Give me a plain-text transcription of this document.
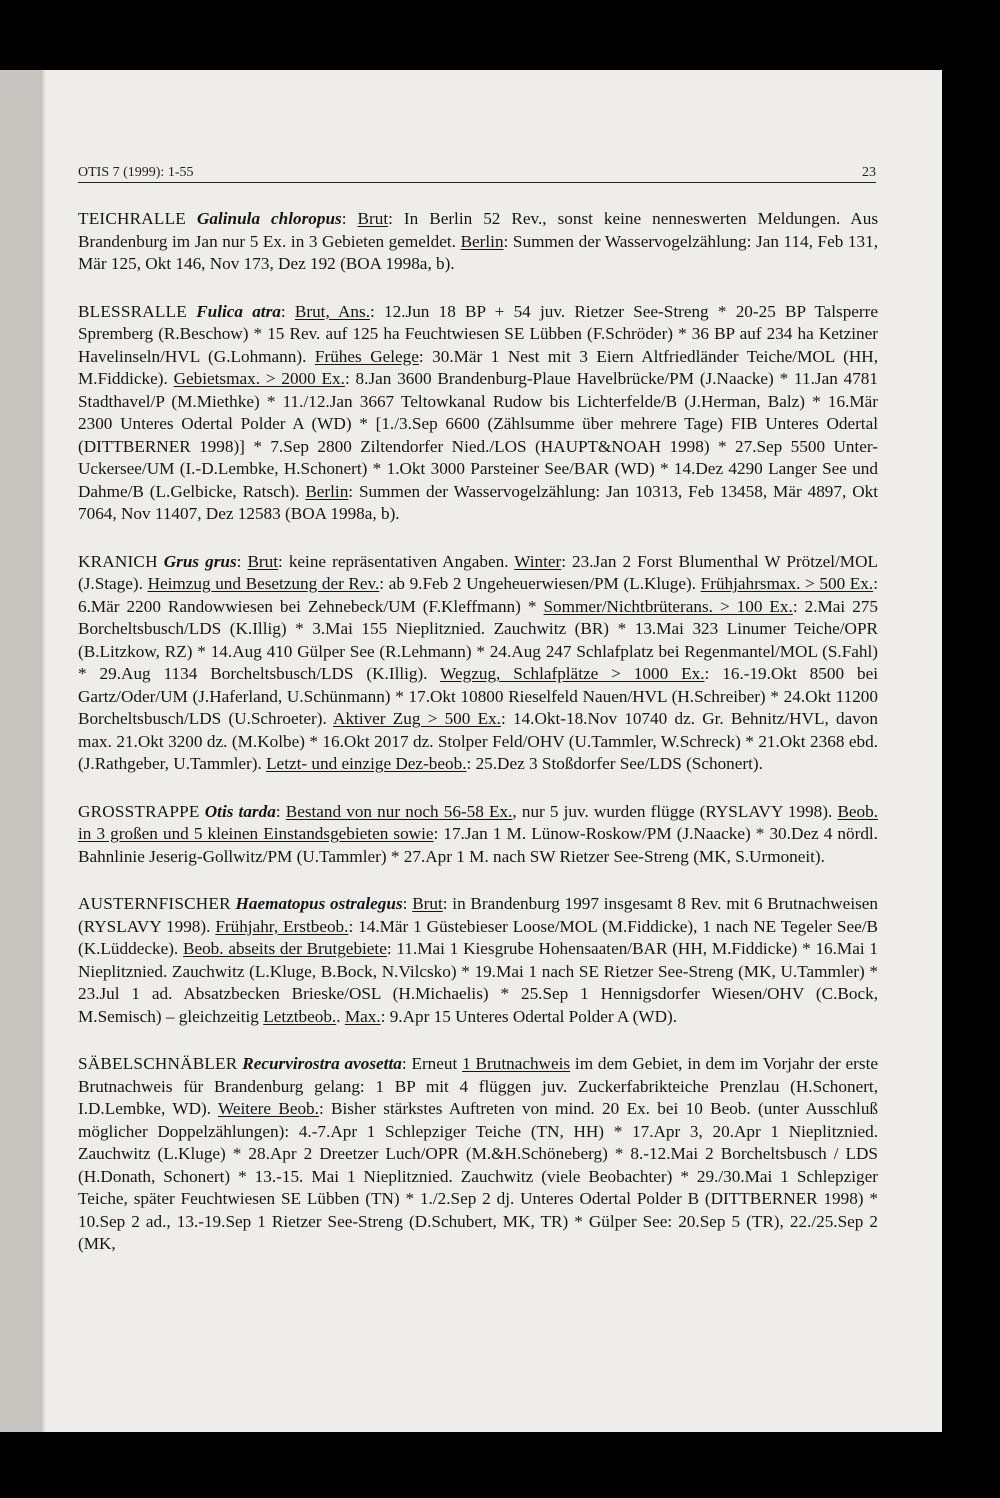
OTIS 7 (1999): 1-55	23

TEICHRALLE Galinula chloropus: Brut: In Berlin 52 Rev., sonst keine nenneswerten Meldungen. Aus Brandenburg im Jan nur 5 Ex. in 3 Gebieten gemeldet. Berlin: Summen der Wasservogelzählung: Jan 114, Feb 131, Mär 125, Okt 146, Nov 173, Dez 192 (BOA 1998a, b).

BLESSRALLE Fulica atra: Brut, Ans.: 12.Jun 18 BP + 54 juv. Rietzer See-Streng * 20-25 BP Talsperre Spremberg (R.Beschow) * 15 Rev. auf 125 ha Feuchtwiesen SE Lübben (F.Schröder) * 36 BP auf 234 ha Ketziner Havelinseln/HVL (G.Lohmann). Frühes Gelege: 30.Mär 1 Nest mit 3 Eiern Altfriedländer Teiche/MOL (HH, M.Fiddicke). Gebietsmax. > 2000 Ex.: 8.Jan 3600 Brandenburg-Plaue Havelbrücke/PM (J.Naacke) * 11.Jan 4781 Stadthavel/P (M.Miethke) * 11./12.Jan 3667 Teltowkanal Rudow bis Lichterfelde/B (J.Herman, Balz) * 16.Mär 2300 Unteres Odertal Polder A (WD) * [1./3.Sep 6600 (Zählsumme über mehrere Tage) FIB Unteres Odertal (DITTBERNER 1998)] * 7.Sep 2800 Ziltendorfer Nied./LOS (HAUPT&NOAH 1998) * 27.Sep 5500 Unter-Uckersee/UM (I.-D.Lembke, H.Schonert) * 1.Okt 3000 Parsteiner See/BAR (WD) * 14.Dez 4290 Langer See und Dahme/B (L.Gelbicke, Ratsch). Berlin: Summen der Wasservogelzählung: Jan 10313, Feb 13458, Mär 4897, Okt 7064, Nov 11407, Dez 12583 (BOA 1998a, b).

KRANICH Grus grus: Brut: keine repräsentativen Angaben. Winter: 23.Jan 2 Forst Blumenthal W Prötzel/MOL (J.Stage). Heimzug und Besetzung der Rev.: ab 9.Feb 2 Ungeheuerwiesen/PM (L.Kluge). Frühjahrsmax. > 500 Ex.: 6.Mär 2200 Randowwiesen bei Zehnebeck/UM (F.Kleffmann) * Sommer/Nichtbrüterans. > 100 Ex.: 2.Mai 275 Borcheltsbusch/LDS (K.Illig) * 3.Mai 155 Nieplitznied. Zauchwitz (BR) * 13.Mai 323 Linumer Teiche/OPR (B.Litzkow, RZ) * 14.Aug 410 Gülper See (R.Lehmann) * 24.Aug 247 Schlafplatz bei Regenmantel/MOL (S.Fahl) * 29.Aug 1134 Borcheltsbusch/LDS (K.Illig). Wegzug, Schlafplätze > 1000 Ex.: 16.-19.Okt 8500 bei Gartz/Oder/UM (J.Haferland, U.Schünmann) * 17.Okt 10800 Rieselfeld Nauen/HVL (H.Schreiber) * 24.Okt 11200 Borcheltsbusch/LDS (U.Schroeter). Aktiver Zug > 500 Ex.: 14.Okt-18.Nov 10740 dz. Gr. Behnitz/HVL, davon max. 21.Okt 3200 dz. (M.Kolbe) * 16.Okt 2017 dz. Stolper Feld/OHV (U.Tammler, W.Schreck) * 21.Okt 2368 ebd. (J.Rathgeber, U.Tammler). Letzt- und einzige Dez-beob.: 25.Dez 3 Stoßdorfer See/LDS (Schonert).

GROSSTRAPPE Otis tarda: Bestand von nur noch 56-58 Ex., nur 5 juv. wurden flügge (RYSLAVY 1998). Beob. in 3 großen und 5 kleinen Einstandsgebieten sowie: 17.Jan 1 M. Lünow-Roskow/PM (J.Naacke) * 30.Dez 4 nördl. Bahnlinie Jeserig-Gollwitz/PM (U.Tammler) * 27.Apr 1 M. nach SW Rietzer See-Streng (MK, S.Urmoneit).

AUSTERNFISCHER Haematopus ostralegus: Brut: in Brandenburg 1997 insgesamt 8 Rev. mit 6 Brutnachweisen (RYSLAVY 1998). Frühjahr, Erstbeob.: 14.Mär 1 Güstebieser Loose/MOL (M.Fiddicke), 1 nach NE Tegeler See/B (K.Lüddecke). Beob. abseits der Brutgebiete: 11.Mai 1 Kiesgrube Hohensaaten/BAR (HH, M.Fiddicke) * 16.Mai 1 Nieplitznied. Zauchwitz (L.Kluge, B.Bock, N.Vilcsko) * 19.Mai 1 nach SE Rietzer See-Streng (MK, U.Tammler) * 23.Jul 1 ad. Absatzbecken Brieske/OSL (H.Michaelis) * 25.Sep 1 Hennigsdorfer Wiesen/OHV (C.Bock, M.Semisch) – gleichzeitig Letztbeob.. Max.: 9.Apr 15 Unteres Odertal Polder A (WD).

SÄBELSCHNÄBLER Recurvirostra avosetta: Erneut 1 Brutnachweis im dem Gebiet, in dem im Vorjahr der erste Brutnachweis für Brandenburg gelang: 1 BP mit 4 flüggen juv. Zuckerfabrikteiche Prenzlau (H.Schonert, I.D.Lembke, WD). Weitere Beob.: Bisher stärkstes Auftreten von mind. 20 Ex. bei 10 Beob. (unter Ausschluß möglicher Doppelzählungen): 4.-7.Apr 1 Schlepziger Teiche (TN, HH) * 17.Apr 3, 20.Apr 1 Nieplitznied. Zauchwitz (L.Kluge) * 28.Apr 2 Dreetzer Luch/OPR (M.&H.Schöneberg) * 8.-12.Mai 2 Borcheltsbusch / LDS (H.Donath, Schonert) * 13.-15. Mai 1 Nieplitznied. Zauchwitz (viele Beobachter) * 29./30.Mai 1 Schlepziger Teiche, später Feuchtwiesen SE Lübben (TN) * 1./2.Sep 2 dj. Unteres Odertal Polder B (DITTBERNER 1998) * 10.Sep 2 ad., 13.-19.Sep 1 Rietzer See-Streng (D.Schubert, MK, TR) * Gülper See: 20.Sep 5 (TR), 22./25.Sep 2 (MK,
